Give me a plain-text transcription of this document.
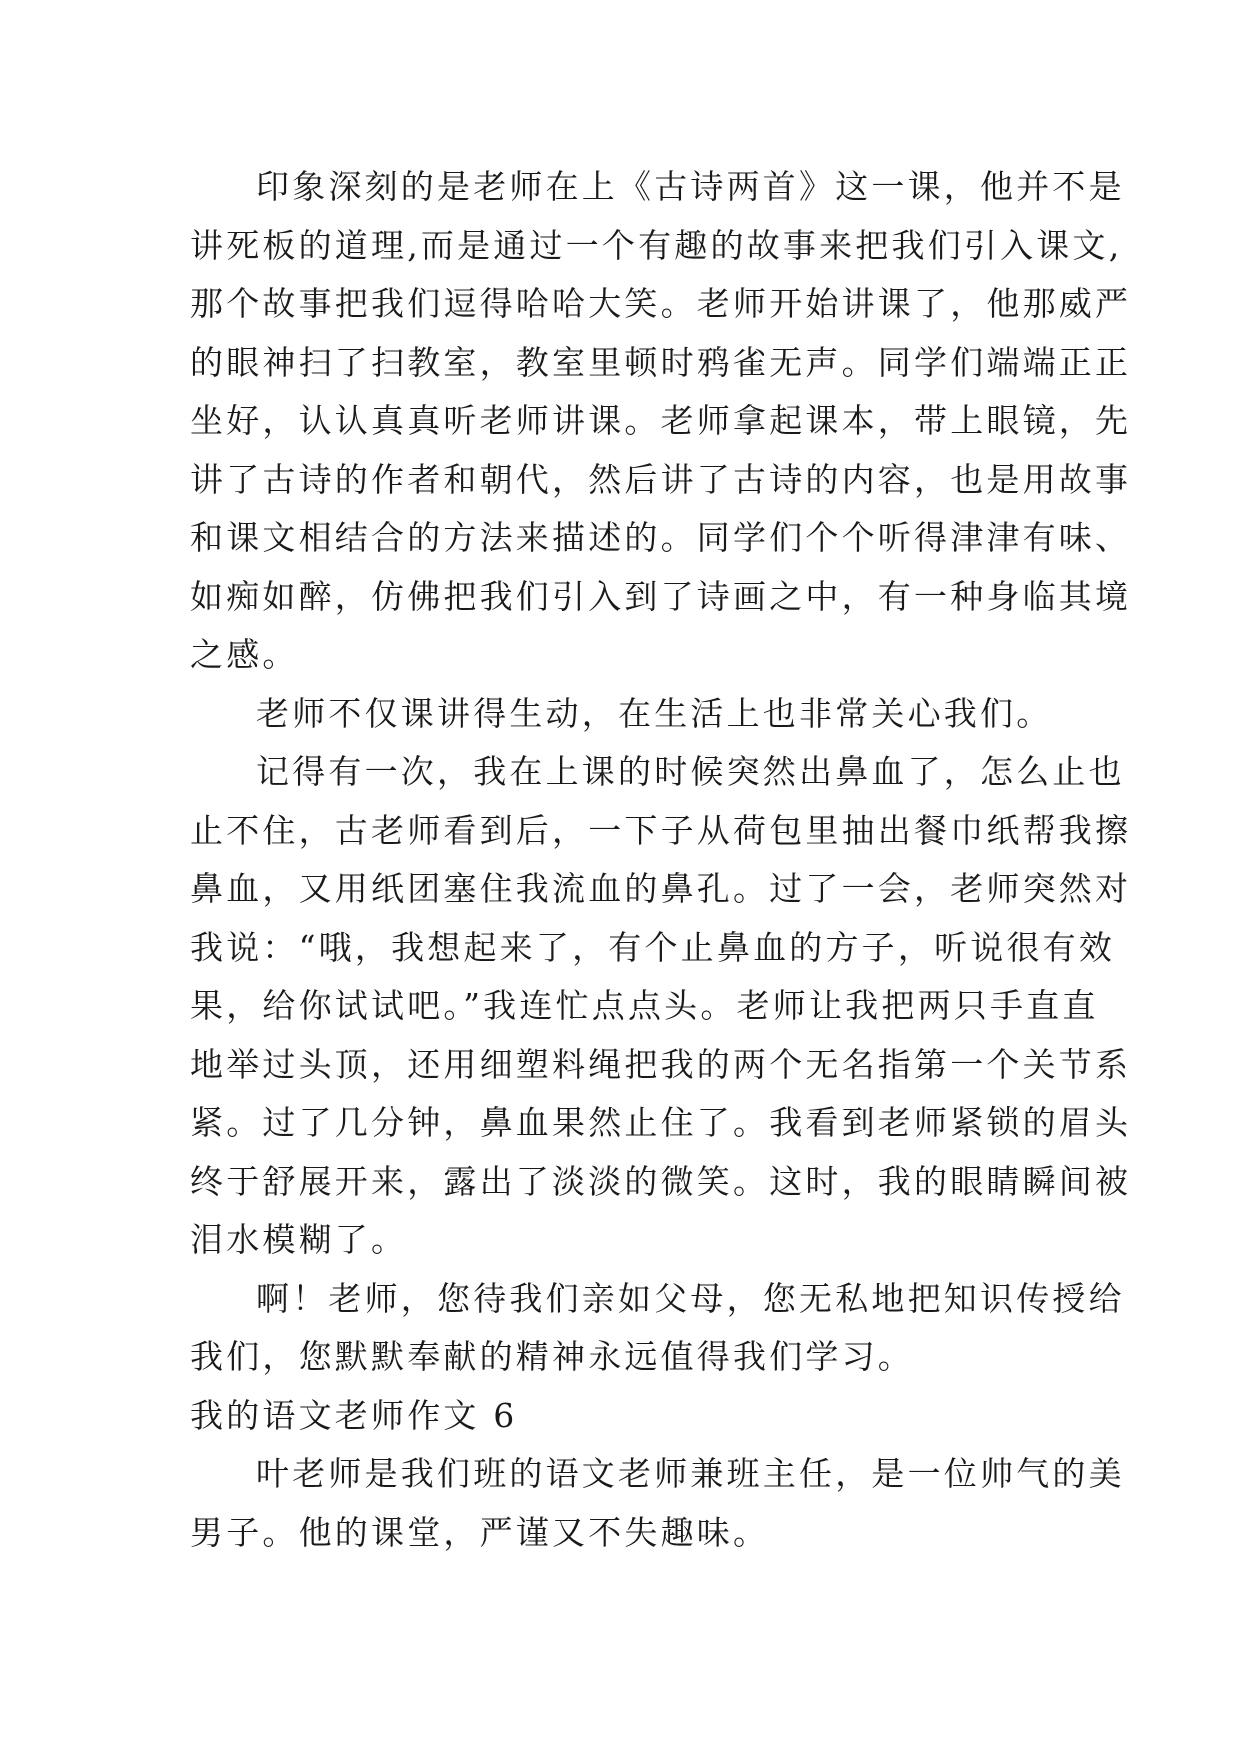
印象深刻的是老师在上《古诗两首》这一课，他并不是
讲死板的道理,而是通过一个有趣的故事来把我们引入课文,
那个故事把我们逗得哈哈大笑。老师开始讲课了，他那威严
的眼神扫了扫教室，教室里顿时鸦雀无声。同学们端端正正
坐好，认认真真听老师讲课。老师拿起课本，带上眼镜，先
讲了古诗的作者和朝代，然后讲了古诗的内容，也是用故事
和课文相结合的方法来描述的。同学们个个听得津津有味、
如痴如醉，仿佛把我们引入到了诗画之中，有一种身临其境
之感。
老师不仅课讲得生动，在生活上也非常关心我们。
记得有一次，我在上课的时候突然出鼻血了，怎么止也
止不住，古老师看到后，一下子从荷包里抽出餐巾纸帮我擦
鼻血，又用纸团塞住我流血的鼻孔。过了一会，老师突然对
我说：“哦，我想起来了，有个止鼻血的方子，听说很有效
果，给你试试吧。”我连忙点点头。老师让我把两只手直直
地举过头顶，还用细塑料绳把我的两个无名指第一个关节系
紧。过了几分钟，鼻血果然止住了。我看到老师紧锁的眉头
终于舒展开来，露出了淡淡的微笑。这时，我的眼睛瞬间被
泪水模糊了。
啊！老师，您待我们亲如父母，您无私地把知识传授给
我们，您默默奉献的精神永远值得我们学习。
我的语文老师作文 6
叶老师是我们班的语文老师兼班主任，是一位帅气的美
男子。他的课堂，严谨又不失趣味。
